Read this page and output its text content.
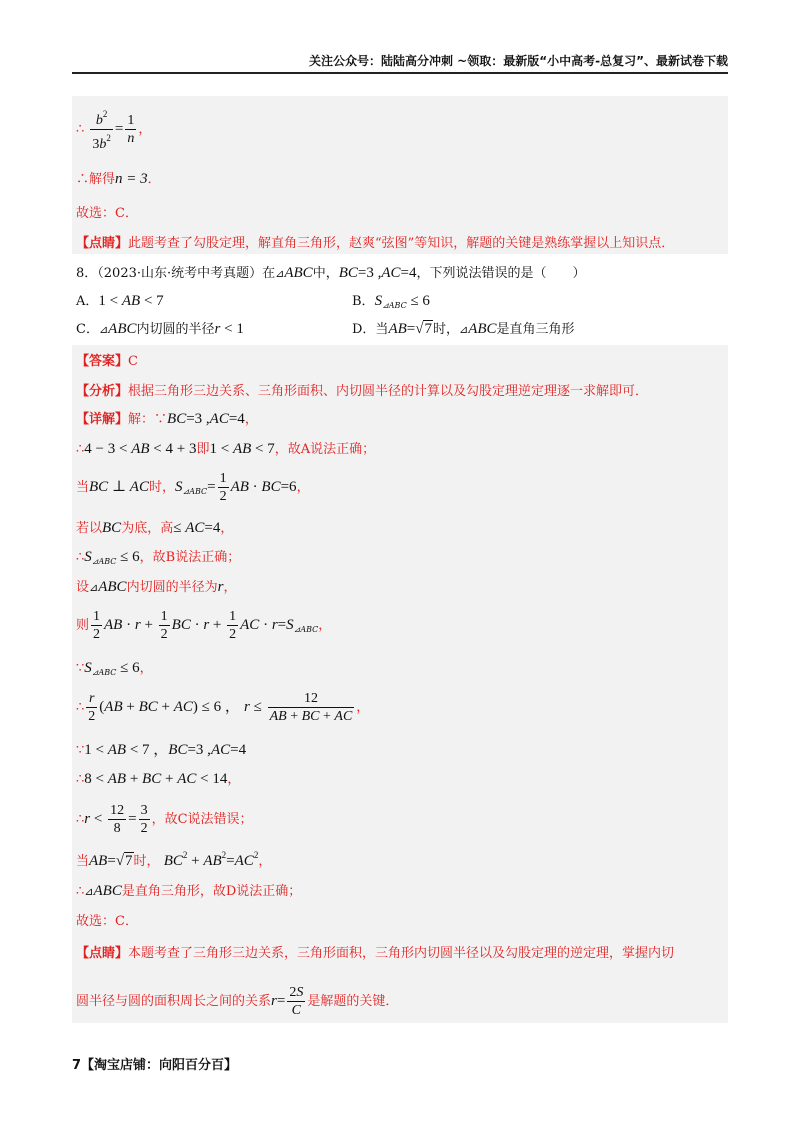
关注公众号：陆陆高分冲刺 ~领取：最新版“小中高考-总复习”、最新试卷下载
∴ $\frac{b^2}{3b^2} = \frac{1}{n}$ ，
∴解得n = 3．
故选：C．
【点睛】此题考查了勾股定理，解直角三角形，赵爽“弦图”等知识，解题的关键是熟练掌握以上知识点．
8．（2023·山东·统考中考真题）在⊿ABC中，BC=3 ,AC=4，下列说法错误的是（　　）
A．1 < AB < 7	B．$S_{⊿ABC} \le 6$
C．⊿ABC内切圆的半径r < 1	D．当AB=√7时，⊿ABC是直角三角形
【答案】C
【分析】根据三角形三边关系、三角形面积、内切圆半径的计算以及勾股定理逆定理逐一求解即可．
【详解】解：∵BC=3 ,AC=4，
∴4 − 3 < AB < 4 + 3即1 < AB < 7，故A说法正确；
当BC ⊥ AC时，$S_{⊿ABC}= \frac{1}{2}$ AB · BC=6，
若以BC为底，高≤ AC=4，
$\therefore S_{⊿ABC} \le 6$，故B说法正确；
设⊿ABC内切圆的半径为r，
则 $\frac{1}{2}$ AB · $r + \frac{1}{2}$ BC · $r + \frac{1}{2}$ AC · $r=S_{⊿ABC}$，
$\because S_{⊿ABC} \le 6$，
∴ $\frac{r}{2} (AB$ + BC + AC) ≤ 6 ， $r \le \frac{12}{AB + BC + AC}$ ，
∵1 < AB < 7 ，BC=3 ,AC=4
∴8 < AB + BC + AC < 14，
∴r < $\frac{12}{8} = \frac{3}{2}$ ，故C说法错误；
当AB=√7时， $BC^2 + AB^2=AC^2$，
∴⊿ABC是直角三角形，故D说法正确；
故选：C．
【点睛】本题考查了三角形三边关系，三角形面积，三角形内切圆半径以及勾股定理的逆定理，掌握内切
圆半径与圆的面积周长之间的关系$r= \frac{2S}{C}$ 是解题的关键．
7【淘宝店铺：向阳百分百】
